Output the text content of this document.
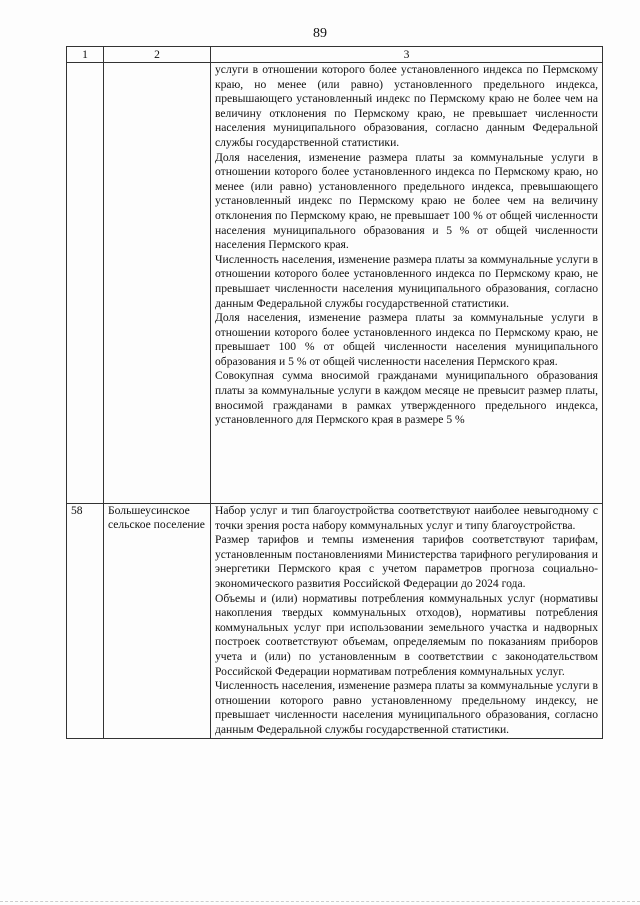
89
1	2	3

		услуги в отношении которого более установленного индекса по Пермскому краю, но менее (или равно) установленного предельного индекса, превышающего установленный индекс по Пермскому краю не более чем на величину отклонения по Пермскому краю, не превышает численности населения муниципального образования, согласно данным Федеральной службы государственной статистики.

Доля населения, изменение размера платы за коммунальные услуги в отношении которого более установленного индекса по Пермскому краю, но менее (или равно) установленного предельного индекса, превышающего установленный индекс по Пермскому краю не более чем на величину отклонения по Пермскому краю, не превышает 100 % от общей численности населения муниципального образования и 5 % от общей численности населения Пермского края.

Численность населения, изменение размера платы за коммунальные услуги в отношении которого более установленного индекса по Пермскому краю, не превышает численности населения муниципального образования, согласно данным Федеральной службы государственной статистики.

Доля населения, изменение размера платы за коммунальные услуги в отношении которого более установленного индекса по Пермскому краю, не превышает 100 % от общей численности населения муниципального образования и 5 % от общей численности населения Пермского края.

Совокупная сумма вносимой гражданами муниципального образования платы за коммунальные услуги в каждом месяце не превысит размер платы, вносимой гражданами в рамках утвержденного предельного индекса, установленного для Пермского края в размере 5 %

58	Большеусинское сельское поселение	Набор услуг и тип благоустройства соответствуют наиболее невыгодному с точки зрения роста набору коммунальных услуг и типу благоустройства.

Размер тарифов и темпы изменения тарифов соответствуют тарифам, установленным постановлениями Министерства тарифного регулирования и энергетики Пермского края с учетом параметров прогноза социально-экономического развития Российской Федерации до 2024 года.

Объемы и (или) нормативы потребления коммунальных услуг (нормативы накопления твердых коммунальных отходов), нормативы потребления коммунальных услуг при использовании земельного участка и надворных построек соответствуют объемам, определяемым по показаниям приборов учета и (или) по установленным в соответствии с законодательством Российской Федерации нормативам потребления коммунальных услуг.

Численность населения, изменение размера платы за коммунальные услуги в отношении которого равно установленному предельному индексу, не превышает численности населения муниципального образования, согласно данным Федеральной службы государственной статистики.
